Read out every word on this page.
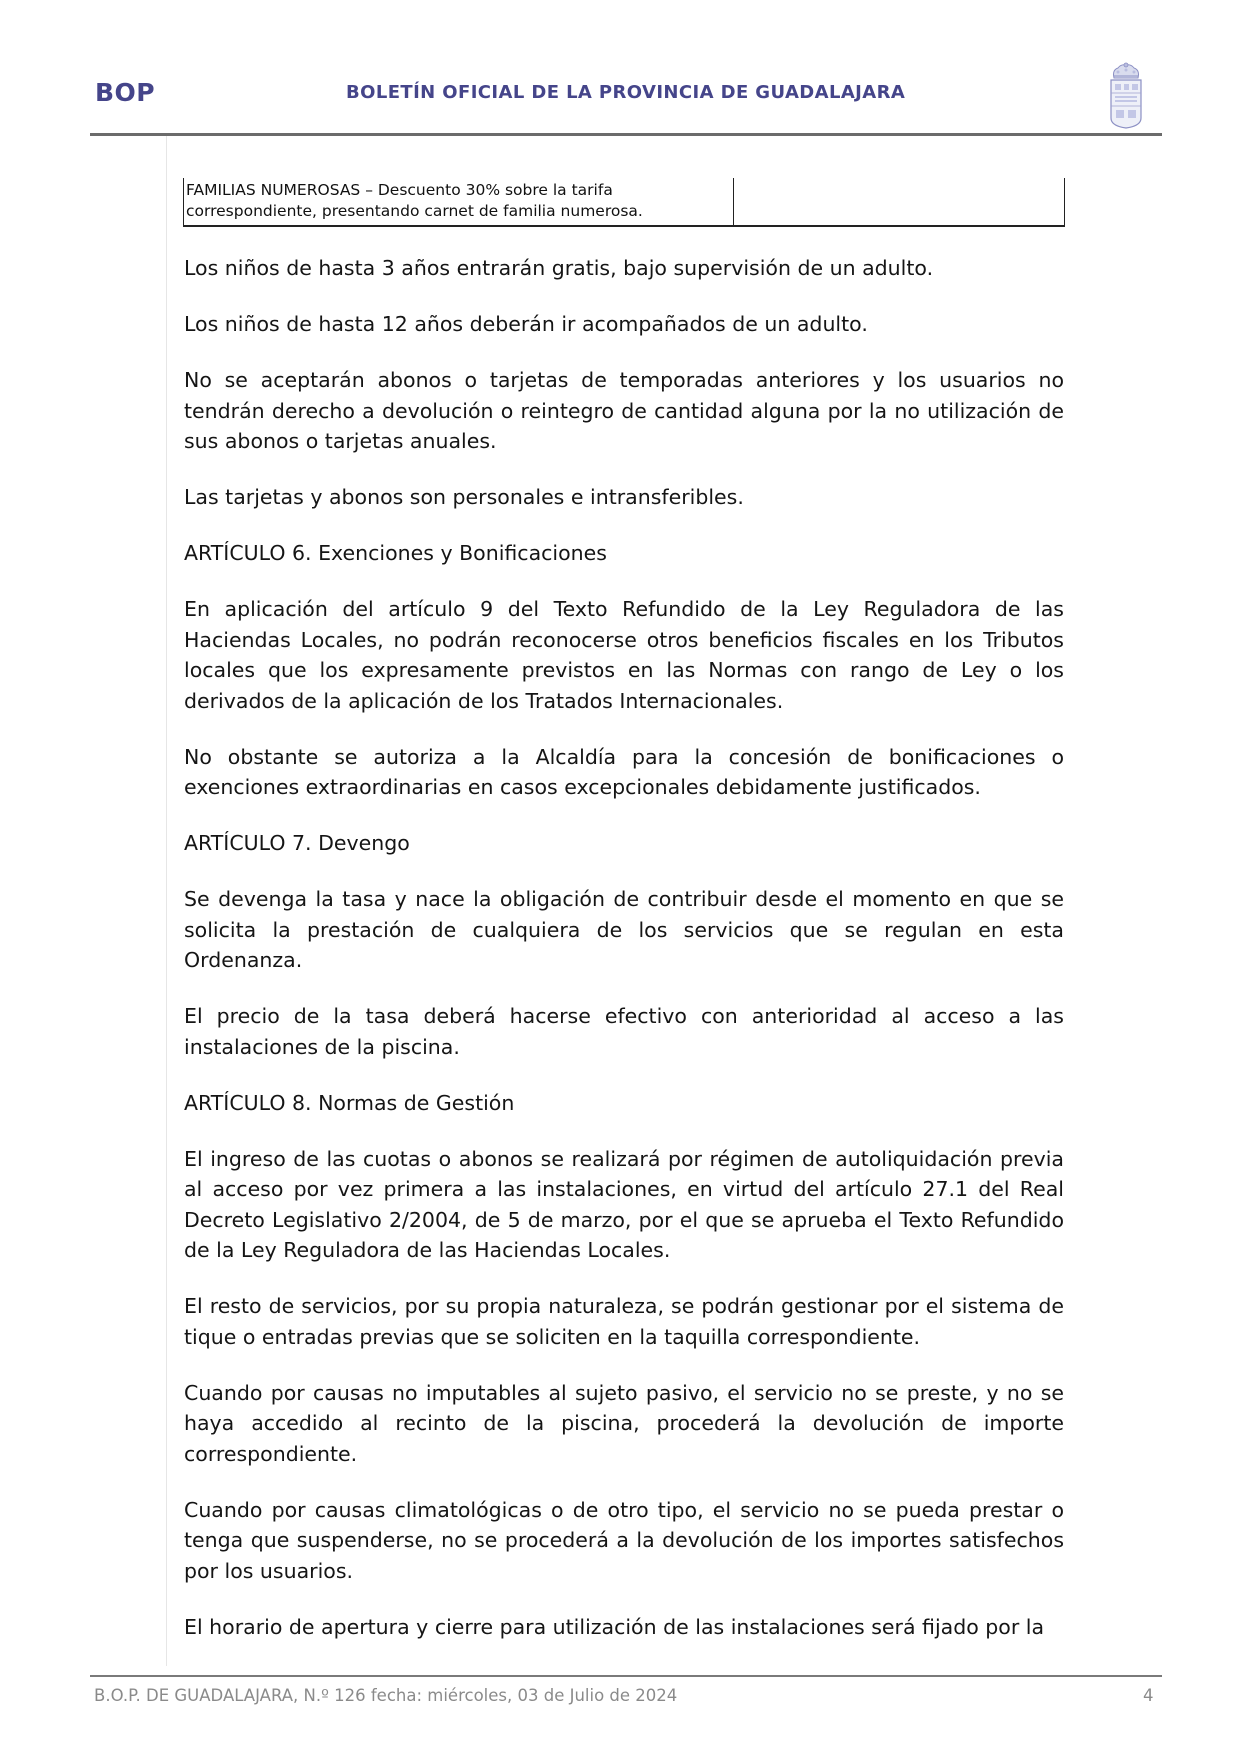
BOP	BOLETÍN OFICIAL DE LA PROVINCIA DE GUADALAJARA
FAMILIAS NUMEROSAS – Descuento 30% sobre la tarifa correspondiente, presentando carnet de familia numerosa.	

Los niños de hasta 3 años entrarán gratis, bajo supervisión de un adulto.

Los niños de hasta 12 años deberán ir acompañados de un adulto.

No se aceptarán abonos o tarjetas de temporadas anteriores y los usuarios no tendrán derecho a devolución o reintegro de cantidad alguna por la no utilización de sus abonos o tarjetas anuales.

Las tarjetas y abonos son personales e intransferibles.

ARTÍCULO 6. Exenciones y Bonificaciones

En aplicación del artículo 9 del Texto Refundido de la Ley Reguladora de las Haciendas Locales, no podrán reconocerse otros beneficios fiscales en los Tributos locales que los expresamente previstos en las Normas con rango de Ley o los derivados de la aplicación de los Tratados Internacionales.

No obstante se autoriza a la Alcaldía para la concesión de bonificaciones o exenciones extraordinarias en casos excepcionales debidamente justificados.

ARTÍCULO 7. Devengo

Se devenga la tasa y nace la obligación de contribuir desde el momento en que se solicita la prestación de cualquiera de los servicios que se regulan en esta Ordenanza.

El precio de la tasa deberá hacerse efectivo con anterioridad al acceso a las instalaciones de la piscina.

ARTÍCULO 8. Normas de Gestión

El ingreso de las cuotas o abonos se realizará por régimen de autoliquidación previa al acceso por vez primera a las instalaciones, en virtud del artículo 27.1 del Real Decreto Legislativo 2/2004, de 5 de marzo, por el que se aprueba el Texto Refundido de la Ley Reguladora de las Haciendas Locales.

El resto de servicios, por su propia naturaleza, se podrán gestionar por el sistema de tique o entradas previas que se soliciten en la taquilla correspondiente.

Cuando por causas no imputables al sujeto pasivo, el servicio no se preste, y no se haya accedido al recinto de la piscina, procederá la devolución de importe correspondiente.

Cuando por causas climatológicas o de otro tipo, el servicio no se pueda prestar o tenga que suspenderse, no se procederá a la devolución de los importes satisfechos por los usuarios.

El horario de apertura y cierre para utilización de las instalaciones será fijado por la

B.O.P. DE GUADALAJARA, N.º 126 fecha: miércoles, 03 de Julio de 2024	4
